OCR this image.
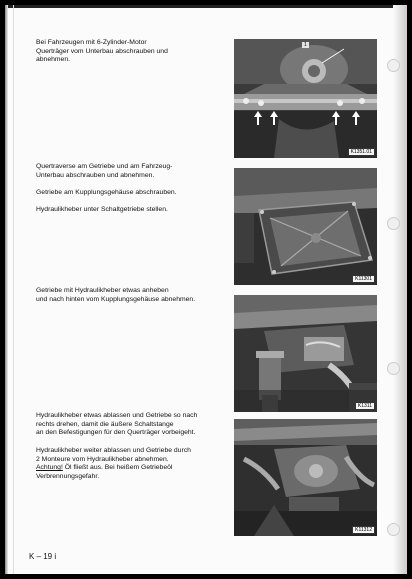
Bei Fahrzeugen mit 6-Zylinder-Motor
Querträger vom Unterbau abschrauben und
abnehmen.
Quertraverse am Getriebe und am Fahrzeug-
Unterbau abschrauben und abnehmen.
Getriebe am Kupplungsgehäuse abschrauben.
Hydraulikheber unter Schaltgetriebe stellen.
Getriebe mit Hydraulikheber etwas anheben
und nach hinten vom Kupplungsgehäuse abnehmen.
Hydraulikheber etwas ablassen und Getriebe so nach
rechts drehen, damit die äußere Schaltstange
an den Befestigungen für den Querträger vorbeigeht.
Hydraulikheber weiter ablassen und Getriebe durch
2 Monteure vom Hydraulikheber abnehmen.
Achtung! Öl fließt aus. Bei heißem Getriebeöl
Verbrennungsgefahr.
1
K1351.01
K11301
K1311
K11312
K – 19 i
